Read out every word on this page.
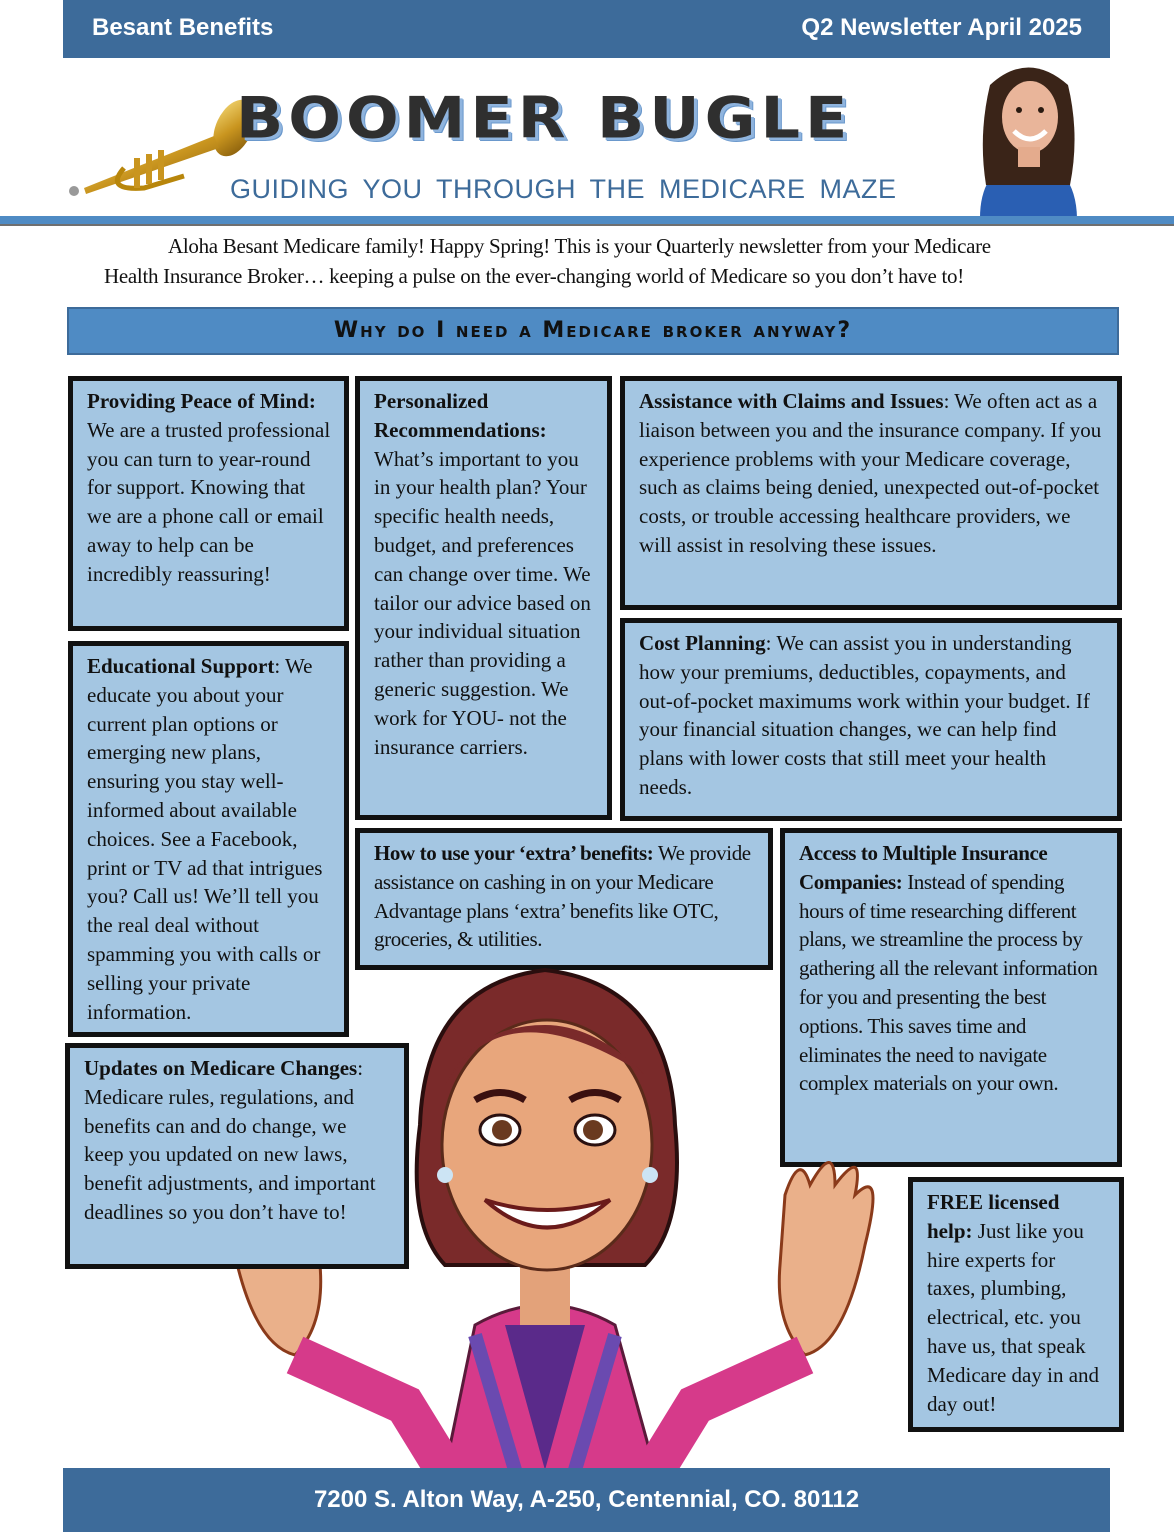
Besant Benefits	Q2 Newsletter April 2025
BOOMER BUGLE
GUIDING YOU THROUGH THE MEDICARE MAZE
Aloha Besant Medicare family! Happy Spring! This is your Quarterly newsletter from your Medicare
Health Insurance Broker… keeping a pulse on the ever-changing world of Medicare so you don’t have to!
Why do I need a Medicare broker anyway?
Providing Peace of Mind: We are a trusted professional you can turn to year-round for support. Knowing that we are a phone call or email away to help can be incredibly reassuring!
Personalized Recommendations: What’s important to you in your health plan? Your specific health needs, budget, and preferences can change over time. We tailor our advice based on your individual situation rather than providing a generic suggestion. We work for YOU- not the insurance carriers.
Assistance with Claims and Issues: We often act as a liaison between you and the insurance company. If you experience problems with your Medicare coverage, such as claims being denied, unexpected out-of-pocket costs, or trouble accessing healthcare providers, we will assist in resolving these issues.
Educational Support: We educate you about your current plan options or emerging new plans, ensuring you stay well-informed about available choices. See a Facebook, print or TV ad that intrigues you? Call us! We’ll tell you the real deal without spamming you with calls or selling your private information.
Cost Planning: We can assist you in understanding how your premiums, deductibles, copayments, and out-of-pocket maximums work within your budget. If your financial situation changes, we can help find plans with lower costs that still meet your health needs.
How to use your ‘extra’ benefits: We provide assistance on cashing in on your Medicare Advantage plans ‘extra’ benefits like OTC, groceries, & utilities.
Access to Multiple Insurance Companies: Instead of spending hours of time researching different plans, we streamline the process by gathering all the relevant information for you and presenting the best options. This saves time and eliminates the need to navigate complex materials on your own.
Updates on Medicare Changes: Medicare rules, regulations, and benefits can and do change, we keep you updated on new laws, benefit adjustments, and important deadlines so you don’t have to!	FREE licensed help: Just like you hire experts for taxes, plumbing, electrical, etc. you have us, that speak Medicare day in and day out!
7200 S. Alton Way, A-250, Centennial, CO. 80112
